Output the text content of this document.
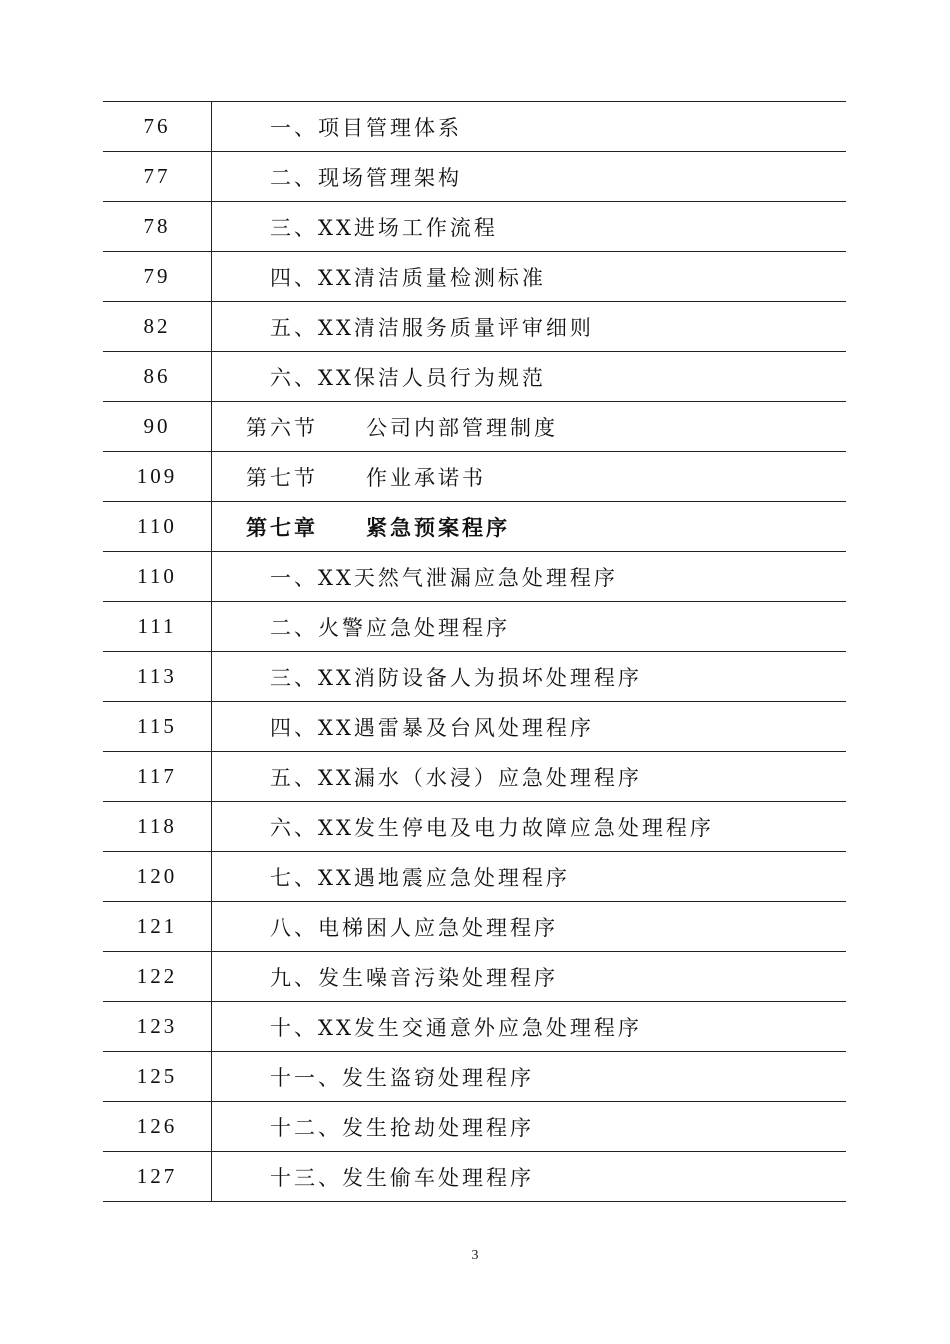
76	一、项目管理体系
77	二、现场管理架构
78	三、XX进场工作流程
79	四、XX清洁质量检测标准
82	五、XX清洁服务质量评审细则
86	六、XX保洁人员行为规范
90	第六节 公司内部管理制度
109	第七节 作业承诺书
110	第七章 紧急预案程序
110	一、XX天然气泄漏应急处理程序
111	二、火警应急处理程序
113	三、XX消防设备人为损坏处理程序
115	四、XX遇雷暴及台风处理程序
117	五、XX漏水（水浸）应急处理程序
118	六、XX发生停电及电力故障应急处理程序
120	七、XX遇地震应急处理程序
121	八、电梯困人应急处理程序
122	九、发生噪音污染处理程序
123	十、XX发生交通意外应急处理程序
125	十一、发生盗窃处理程序
126	十二、发生抢劫处理程序
127	十三、发生偷车处理程序
3
